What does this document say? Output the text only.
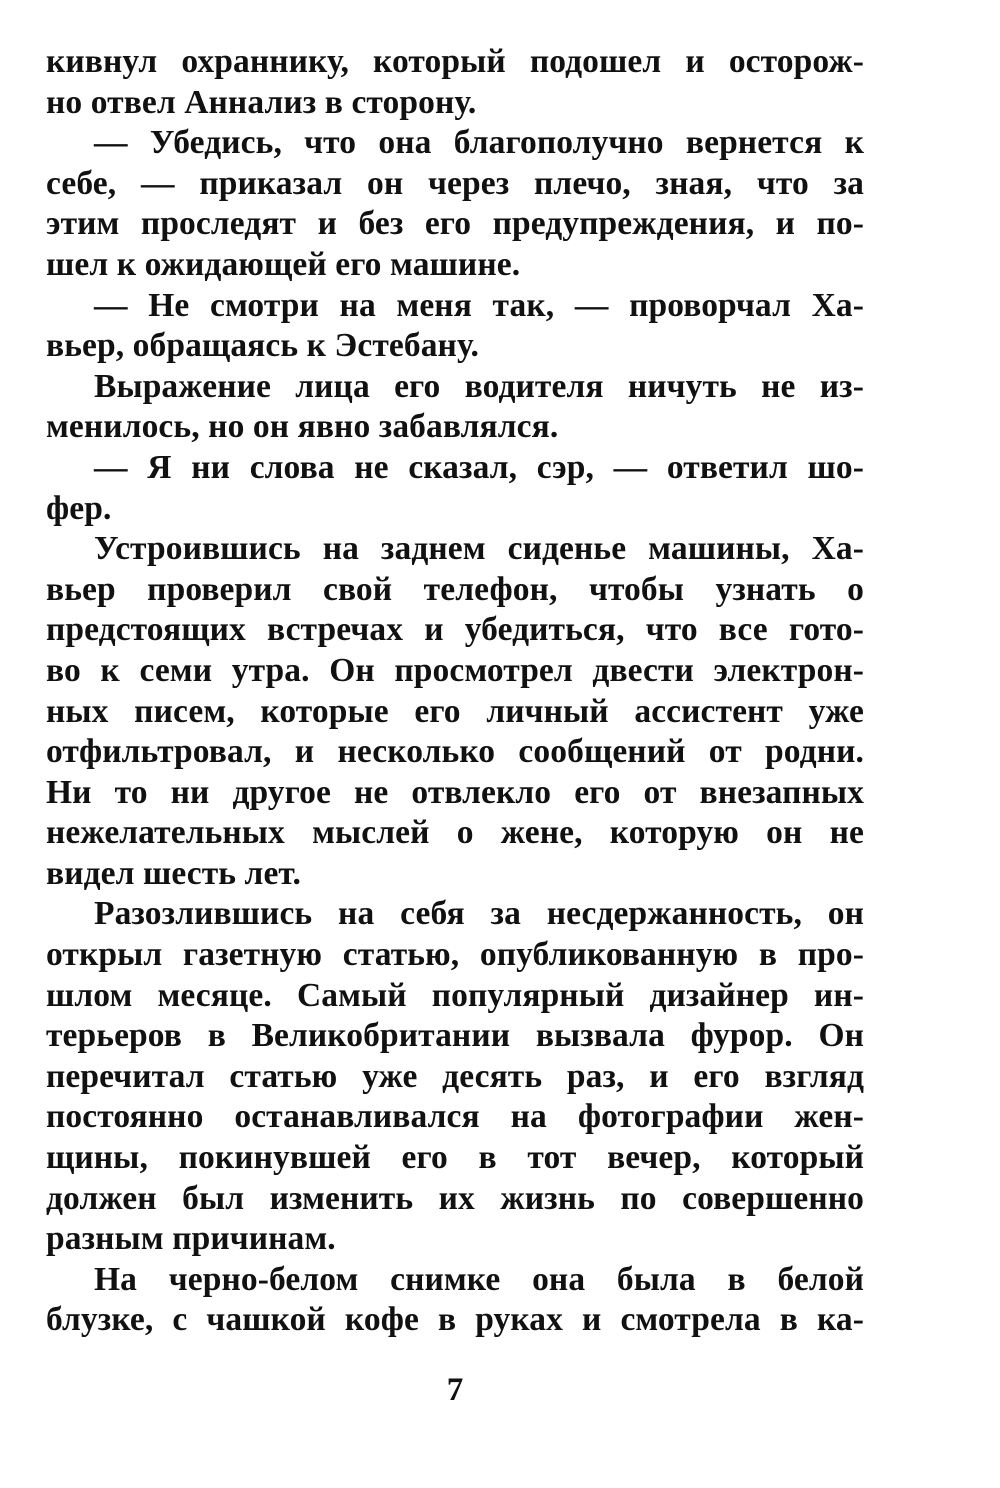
кивнул охраннику, который подошел и осторож-
но отвел Аннализ в сторону.
— Убедись, что она благополучно вернется к
себе, — приказал он через плечо, зная, что за
этим проследят и без его предупреждения, и по-
шел к ожидающей его машине.
— Не смотри на меня так, — проворчал Ха-
вьер, обращаясь к Эстебану.
Выражение лица его водителя ничуть не из-
менилось, но он явно забавлялся.
— Я ни слова не сказал, сэр, — ответил шо-
фер.
Устроившись на заднем сиденье машины, Ха-
вьер проверил свой телефон, чтобы узнать о
предстоящих встречах и убедиться, что все гото-
во к семи утра. Он просмотрел двести электрон-
ных писем, которые его личный ассистент уже
отфильтровал, и несколько сообщений от родни.
Ни то ни другое не отвлекло его от внезапных
нежелательных мыслей о жене, которую он не
видел шесть лет.
Разозлившись на себя за несдержанность, он
открыл газетную статью, опубликованную в про-
шлом месяце. Самый популярный дизайнер ин-
терьеров в Великобритании вызвала фурор. Он
перечитал статью уже десять раз, и его взгляд
постоянно останавливался на фотографии жен-
щины, покинувшей его в тот вечер, который
должен был изменить их жизнь по совершенно
разным причинам.
На черно-белом снимке она была в белой
блузке, с чашкой кофе в руках и смотрела в ка-
7
